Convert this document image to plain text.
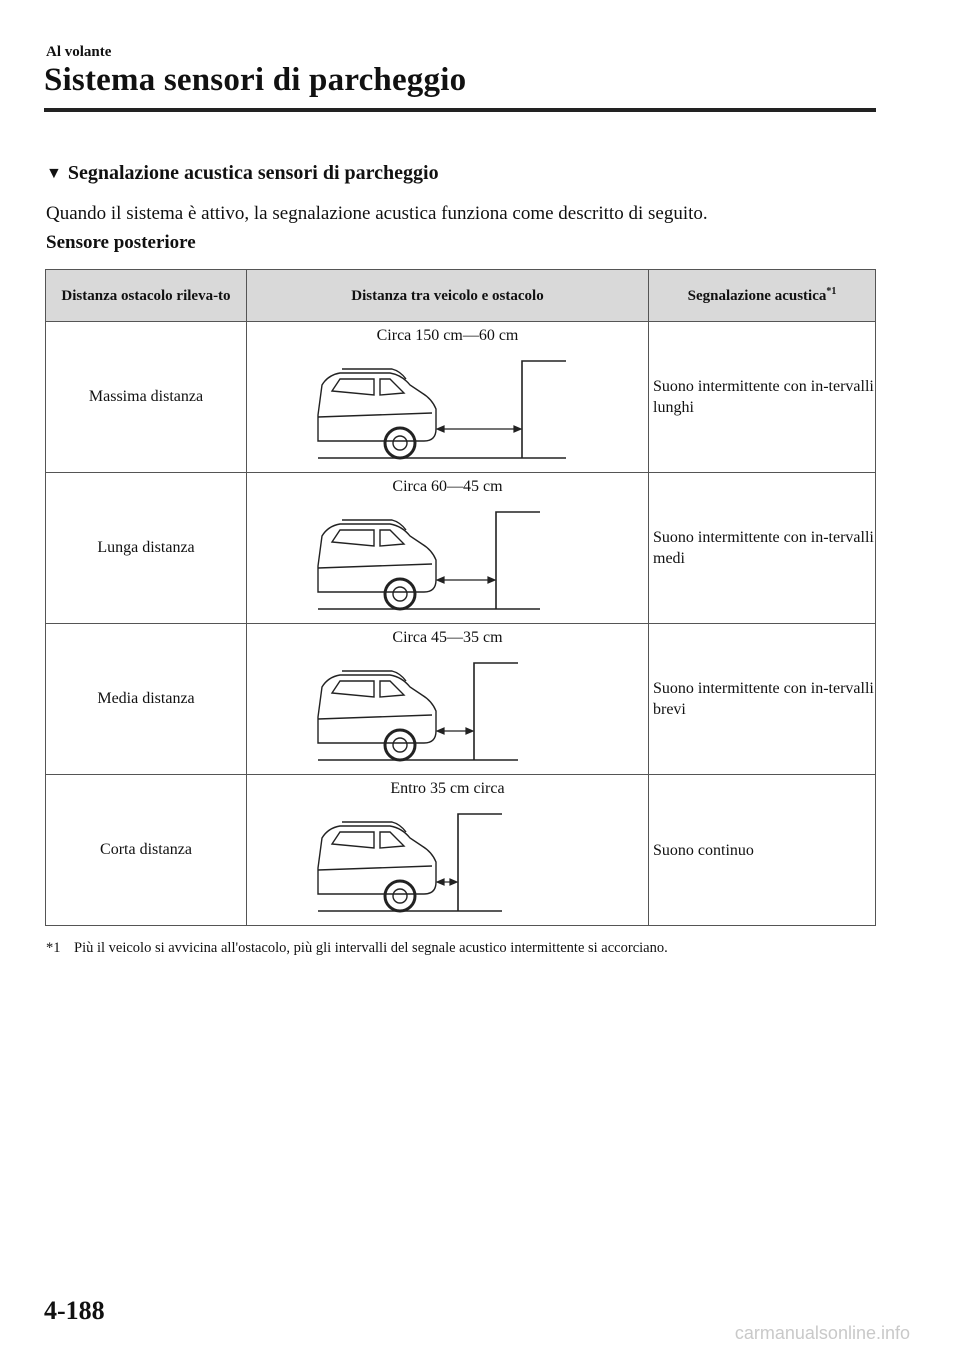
Al volante
Sistema sensori di parcheggio
▼ Segnalazione acustica sensori di parcheggio
Quando il sistema è attivo, la segnalazione acustica funziona come descritto di seguito.
Sensore posteriore
Distanza ostacolo rileva-to	Distanza tra veicolo e ostacolo	Segnalazione acustica$^{*1}$
Massima distanza	Circa 150 cm―60 cm	Suono intermittente con in-tervalli lunghi
Lunga distanza	Circa 60―45 cm	Suono intermittente con in-tervalli medi
Media distanza	Circa 45―35 cm	Suono intermittente con in-tervalli brevi
Corta distanza	Entro 35 cm circa	Suono continuo
*1 Più il veicolo si avvicina all'ostacolo, più gli intervalli del segnale acustico intermittente si accorciano.
4-188
carmanualsonline.info
